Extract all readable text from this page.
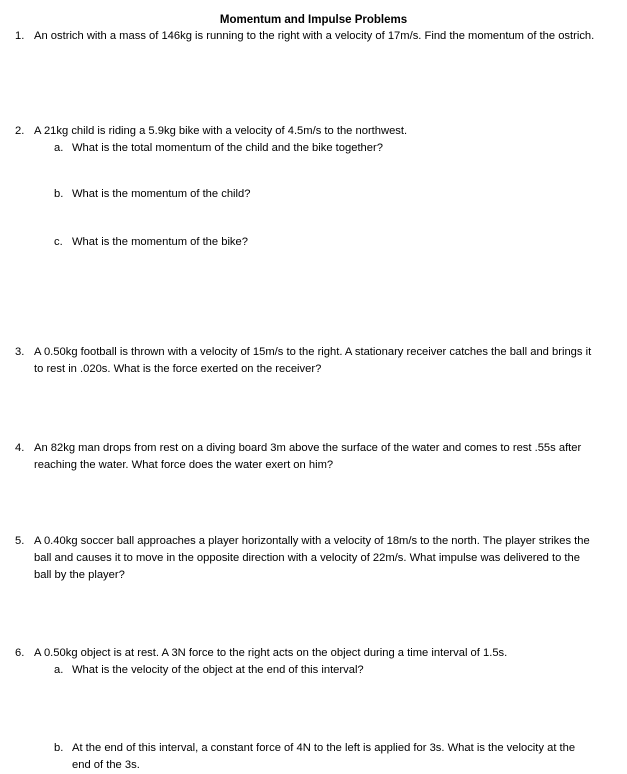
Momentum and Impulse Problems
1. An ostrich with a mass of 146kg is running to the right with a velocity of 17m/s. Find the momentum of the ostrich.
2. A 21kg child is riding a 5.9kg bike with a velocity of 4.5m/s to the northwest.
a. What is the total momentum of the child and the bike together?
b. What is the momentum of the child?
c. What is the momentum of the bike?
3. A 0.50kg football is thrown with a velocity of 15m/s to the right. A stationary receiver catches the ball and brings it to rest in .020s. What is the force exerted on the receiver?
4. An 82kg man drops from rest on a diving board 3m above the surface of the water and comes to rest .55s after reaching the water. What force does the water exert on him?
5. A 0.40kg soccer ball approaches a player horizontally with a velocity of 18m/s to the north. The player strikes the ball and causes it to move in the opposite direction with a velocity of 22m/s. What impulse was delivered to the ball by the player?
6. A 0.50kg object is at rest. A 3N force to the right acts on the object during a time interval of 1.5s.
a. What is the velocity of the object at the end of this interval?
b. At the end of this interval, a constant force of 4N to the left is applied for 3s. What is the velocity at the end of the 3s.
